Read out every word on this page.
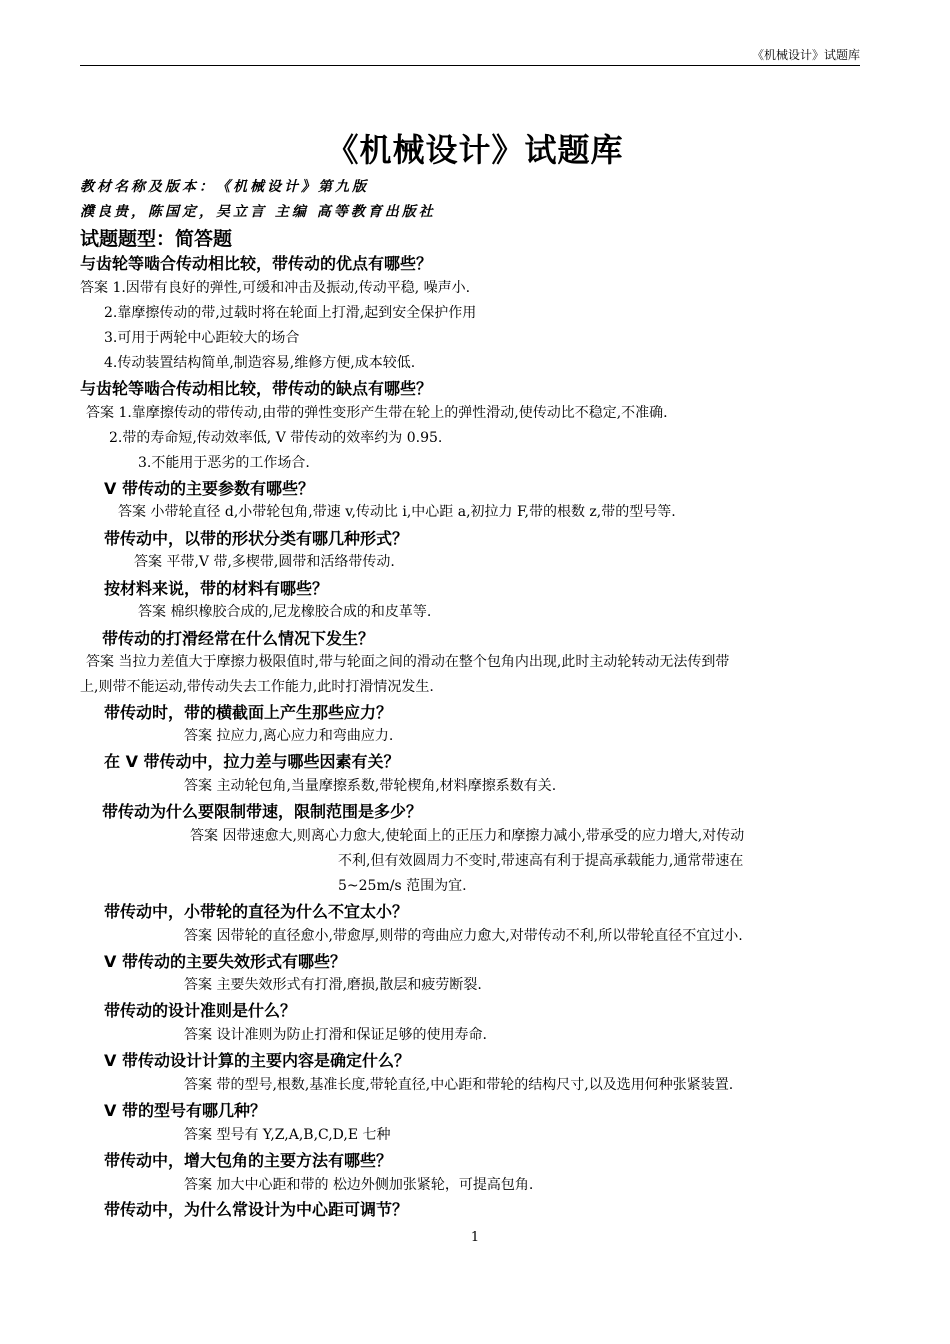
《机械设计》试题库
《机械设计》试题库
教材名称及版本：《机械设计》第九版
濮良贵，陈国定，吴立言 主编 高等教育出版社
试题题型：简答题
与齿轮等啮合传动相比较，带传动的优点有哪些？
答案 1.因带有良好的弹性,可缓和冲击及振动,传动平稳, 噪声小.
2.靠摩擦传动的带,过载时将在轮面上打滑,起到安全保护作用
3.可用于两轮中心距较大的场合
4.传动装置结构简单,制造容易,维修方便,成本较低.
与齿轮等啮合传动相比较，带传动的缺点有哪些？
答案 1.靠摩擦传动的带传动,由带的弹性变形产生带在轮上的弹性滑动,使传动比不稳定,不准确.
2.带的寿命短,传动效率低, V 带传动的效率约为 0.95.
3.不能用于恶劣的工作场合.
V 带传动的主要参数有哪些？
答案 小带轮直径 d,小带轮包角,带速 v,传动比 i,中心距 a,初拉力 F,带的根数 z,带的型号等.
带传动中，以带的形状分类有哪几种形式？
答案 平带,V 带,多楔带,圆带和活络带传动.
按材料来说，带的材料有哪些？
答案 棉织橡胶合成的,尼龙橡胶合成的和皮革等.
带传动的打滑经常在什么情况下发生？
答案 当拉力差值大于摩擦力极限值时,带与轮面之间的滑动在整个包角内出现,此时主动轮转动无法传到带
上,则带不能运动,带传动失去工作能力,此时打滑情况发生.
带传动时，带的横截面上产生那些应力？
答案 拉应力,离心应力和弯曲应力.
在 V 带传动中，拉力差与哪些因素有关？
答案 主动轮包角,当量摩擦系数,带轮楔角,材料摩擦系数有关.
带传动为什么要限制带速，限制范围是多少？
答案 因带速愈大,则离心力愈大,使轮面上的正压力和摩擦力减小,带承受的应力增大,对传动
不利,但有效圆周力不变时,带速高有利于提高承载能力,通常带速在
5~25m/s 范围为宜.
带传动中，小带轮的直径为什么不宜太小？
答案 因带轮的直径愈小,带愈厚,则带的弯曲应力愈大,对带传动不利,所以带轮直径不宜过小.
V 带传动的主要失效形式有哪些？
答案 主要失效形式有打滑,磨损,散层和疲劳断裂.
带传动的设计准则是什么？
答案 设计准则为防止打滑和保证足够的使用寿命.
V 带传动设计计算的主要内容是确定什么？
答案 带的型号,根数,基准长度,带轮直径,中心距和带轮的结构尺寸,以及选用何种张紧装置.
V 带的型号有哪几种？
答案 型号有 Y,Z,A,B,C,D,E 七种
带传动中，增大包角的主要方法有哪些？
答案 加大中心距和带的 松边外侧加张紧轮，可提高包角.
带传动中，为什么常设计为中心距可调节？
1
